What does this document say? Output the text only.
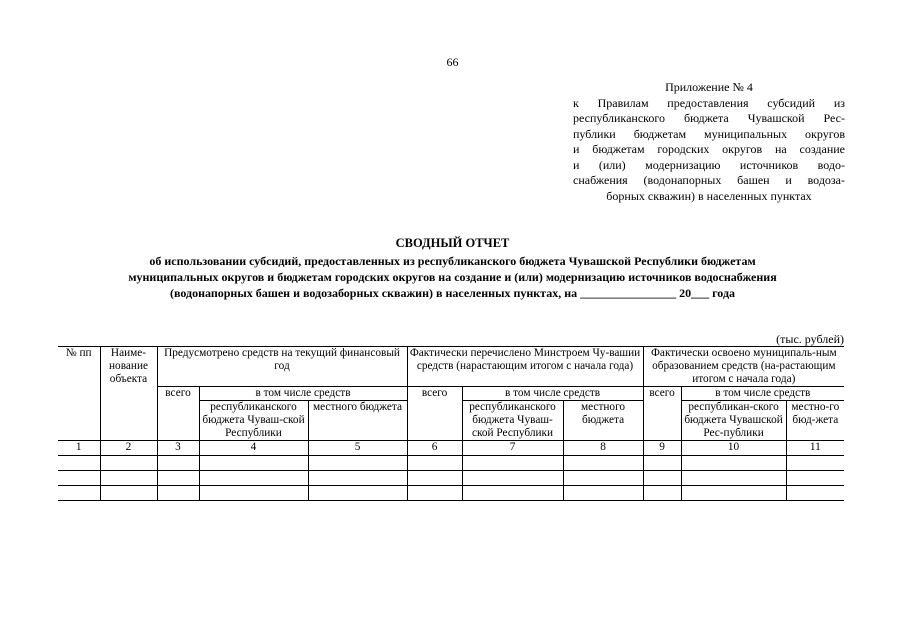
66
Приложение № 4
к Правилам предоставления субсидий из
республиканского бюджета Чувашской Рес-
публики бюджетам муниципальных округов
и бюджетам городских округов на создание
и (или) модернизацию источников водо-
снабжения (водонапорных башен и водоза-
борных скважин) в населенных пунктах
СВОДНЫЙ ОТЧЕТ
об использовании субсидий, предоставленных из республиканского бюджета Чувашской Республики бюджетам
муниципальных округов и бюджетам городских округов на создание и (или) модернизацию источников водоснабжения
(водонапорных башен и водозаборных скважин) в населенных пунктах, на ________________ 20___ года
(тыс. рублей)
№ пп	Наиме-нование объекта	Предусмотрено средств на текущий финансовый год			Фактически перечислено Минстроем Чу-вашии средств (нарастающим итогом с начала года)			Фактически освоено муниципаль-ным образованием средств (на-растающим итогом с начала года)		
		всего	в том числе средств		всего	в том числе средств		всего	в том числе средств	
			республиканского бюджета Чуваш-ской Республики	местного бюджета		республиканского бюджета Чуваш-ской Республики	местного бюджета		республикан-ского бюджета Чувашской Рес-публики	местно-го бюд-жета
1	2	3	4	5	6	7	8	9	10	11
